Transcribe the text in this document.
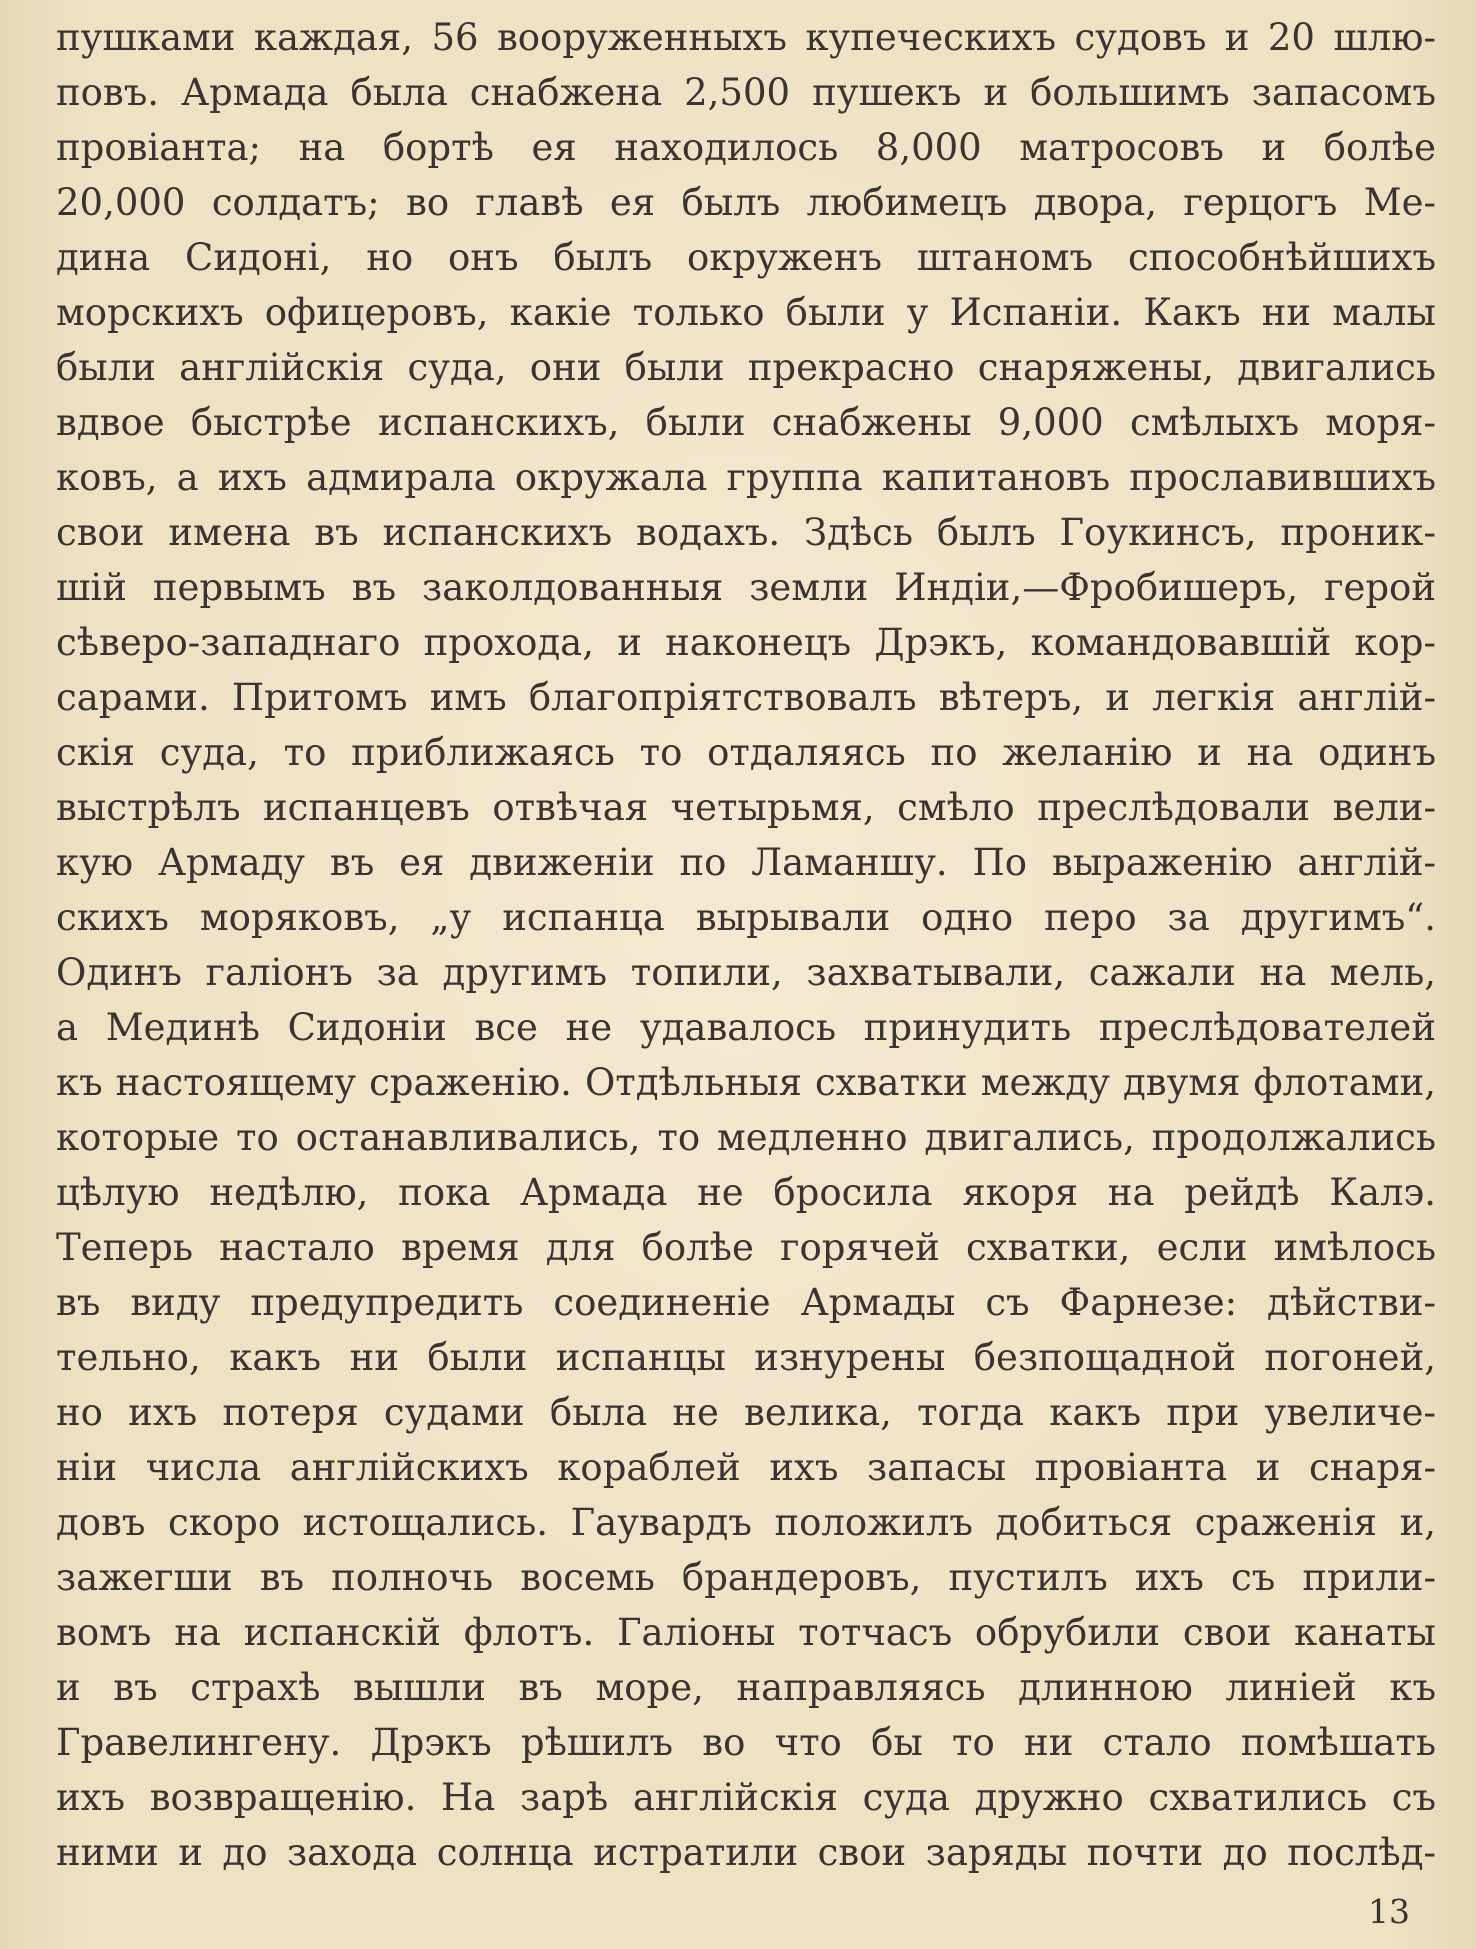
пушками каждая, 56 вооруженныхъ купеческихъ судовъ и 20 шлю-
повъ. Армада была снабжена 2,500 пушекъ и большимъ запасомъ
провіанта; на бортѣ ея находилось 8,000 матросовъ и болѣе
20,000 солдатъ; во главѣ ея былъ любимецъ двора, герцогъ Ме-
дина Сидоні, но онъ былъ окруженъ штаномъ способнѣйшихъ
морскихъ офицеровъ, какіе только были у Испаніи. Какъ ни малы
были англійскія суда, они были прекрасно снаряжены, двигались
вдвое быстрѣе испанскихъ, были снабжены 9,000 смѣлыхъ моря-
ковъ, а ихъ адмирала окружала группа капитановъ прославившихъ
свои имена въ испанскихъ водахъ. Здѣсь былъ Гоукинсъ, проник-
шій первымъ въ заколдованныя земли Индіи,—Фробишеръ, герой
сѣверо-западнаго прохода, и наконецъ Дрэкъ, командовавшій кор-
сарами. Притомъ имъ благопріятствовалъ вѣтеръ, и легкія англій-
скія суда, то приближаясь то отдаляясь по желанію и на одинъ
выстрѣлъ испанцевъ отвѣчая четырьмя, смѣло преслѣдовали вели-
кую Армаду въ ея движеніи по Ламаншу. По выраженію англій-
скихъ моряковъ, „у испанца вырывали одно перо за другимъ“.
Одинъ галіонъ за другимъ топили, захватывали, сажали на мель,
а Мединѣ Сидоніи все не удавалось принудить преслѣдователей
къ настоящему сраженію. Отдѣльныя схватки между двумя флотами,
которые то останавливались, то медленно двигались, продолжались
цѣлую недѣлю, пока Армада не бросила якоря на рейдѣ Калэ.
Теперь настало время для болѣе горячей схватки, если имѣлось
въ виду предупредить соединеніе Армады съ Фарнезе: дѣйстви-
тельно, какъ ни были испанцы изнурены безпощадной погоней,
но ихъ потеря судами была не велика, тогда какъ при увеличе-
ніи числа англійскихъ кораблей ихъ запасы провіанта и снаря-
довъ скоро истощались. Гаувардъ положилъ добиться сраженія и,
зажегши въ полночь восемь брандеровъ, пустилъ ихъ съ прили-
вомъ на испанскій флотъ. Галіоны тотчасъ обрубили свои канаты
и въ страхѣ вышли въ море, направляясь длинною линіей къ
Гравелингену. Дрэкъ рѣшилъ во что бы то ни стало помѣшать
ихъ возвращенію. На зарѣ англійскія суда дружно схватились съ
ними и до захода солнца истратили свои заряды почти до послѣд-
13
